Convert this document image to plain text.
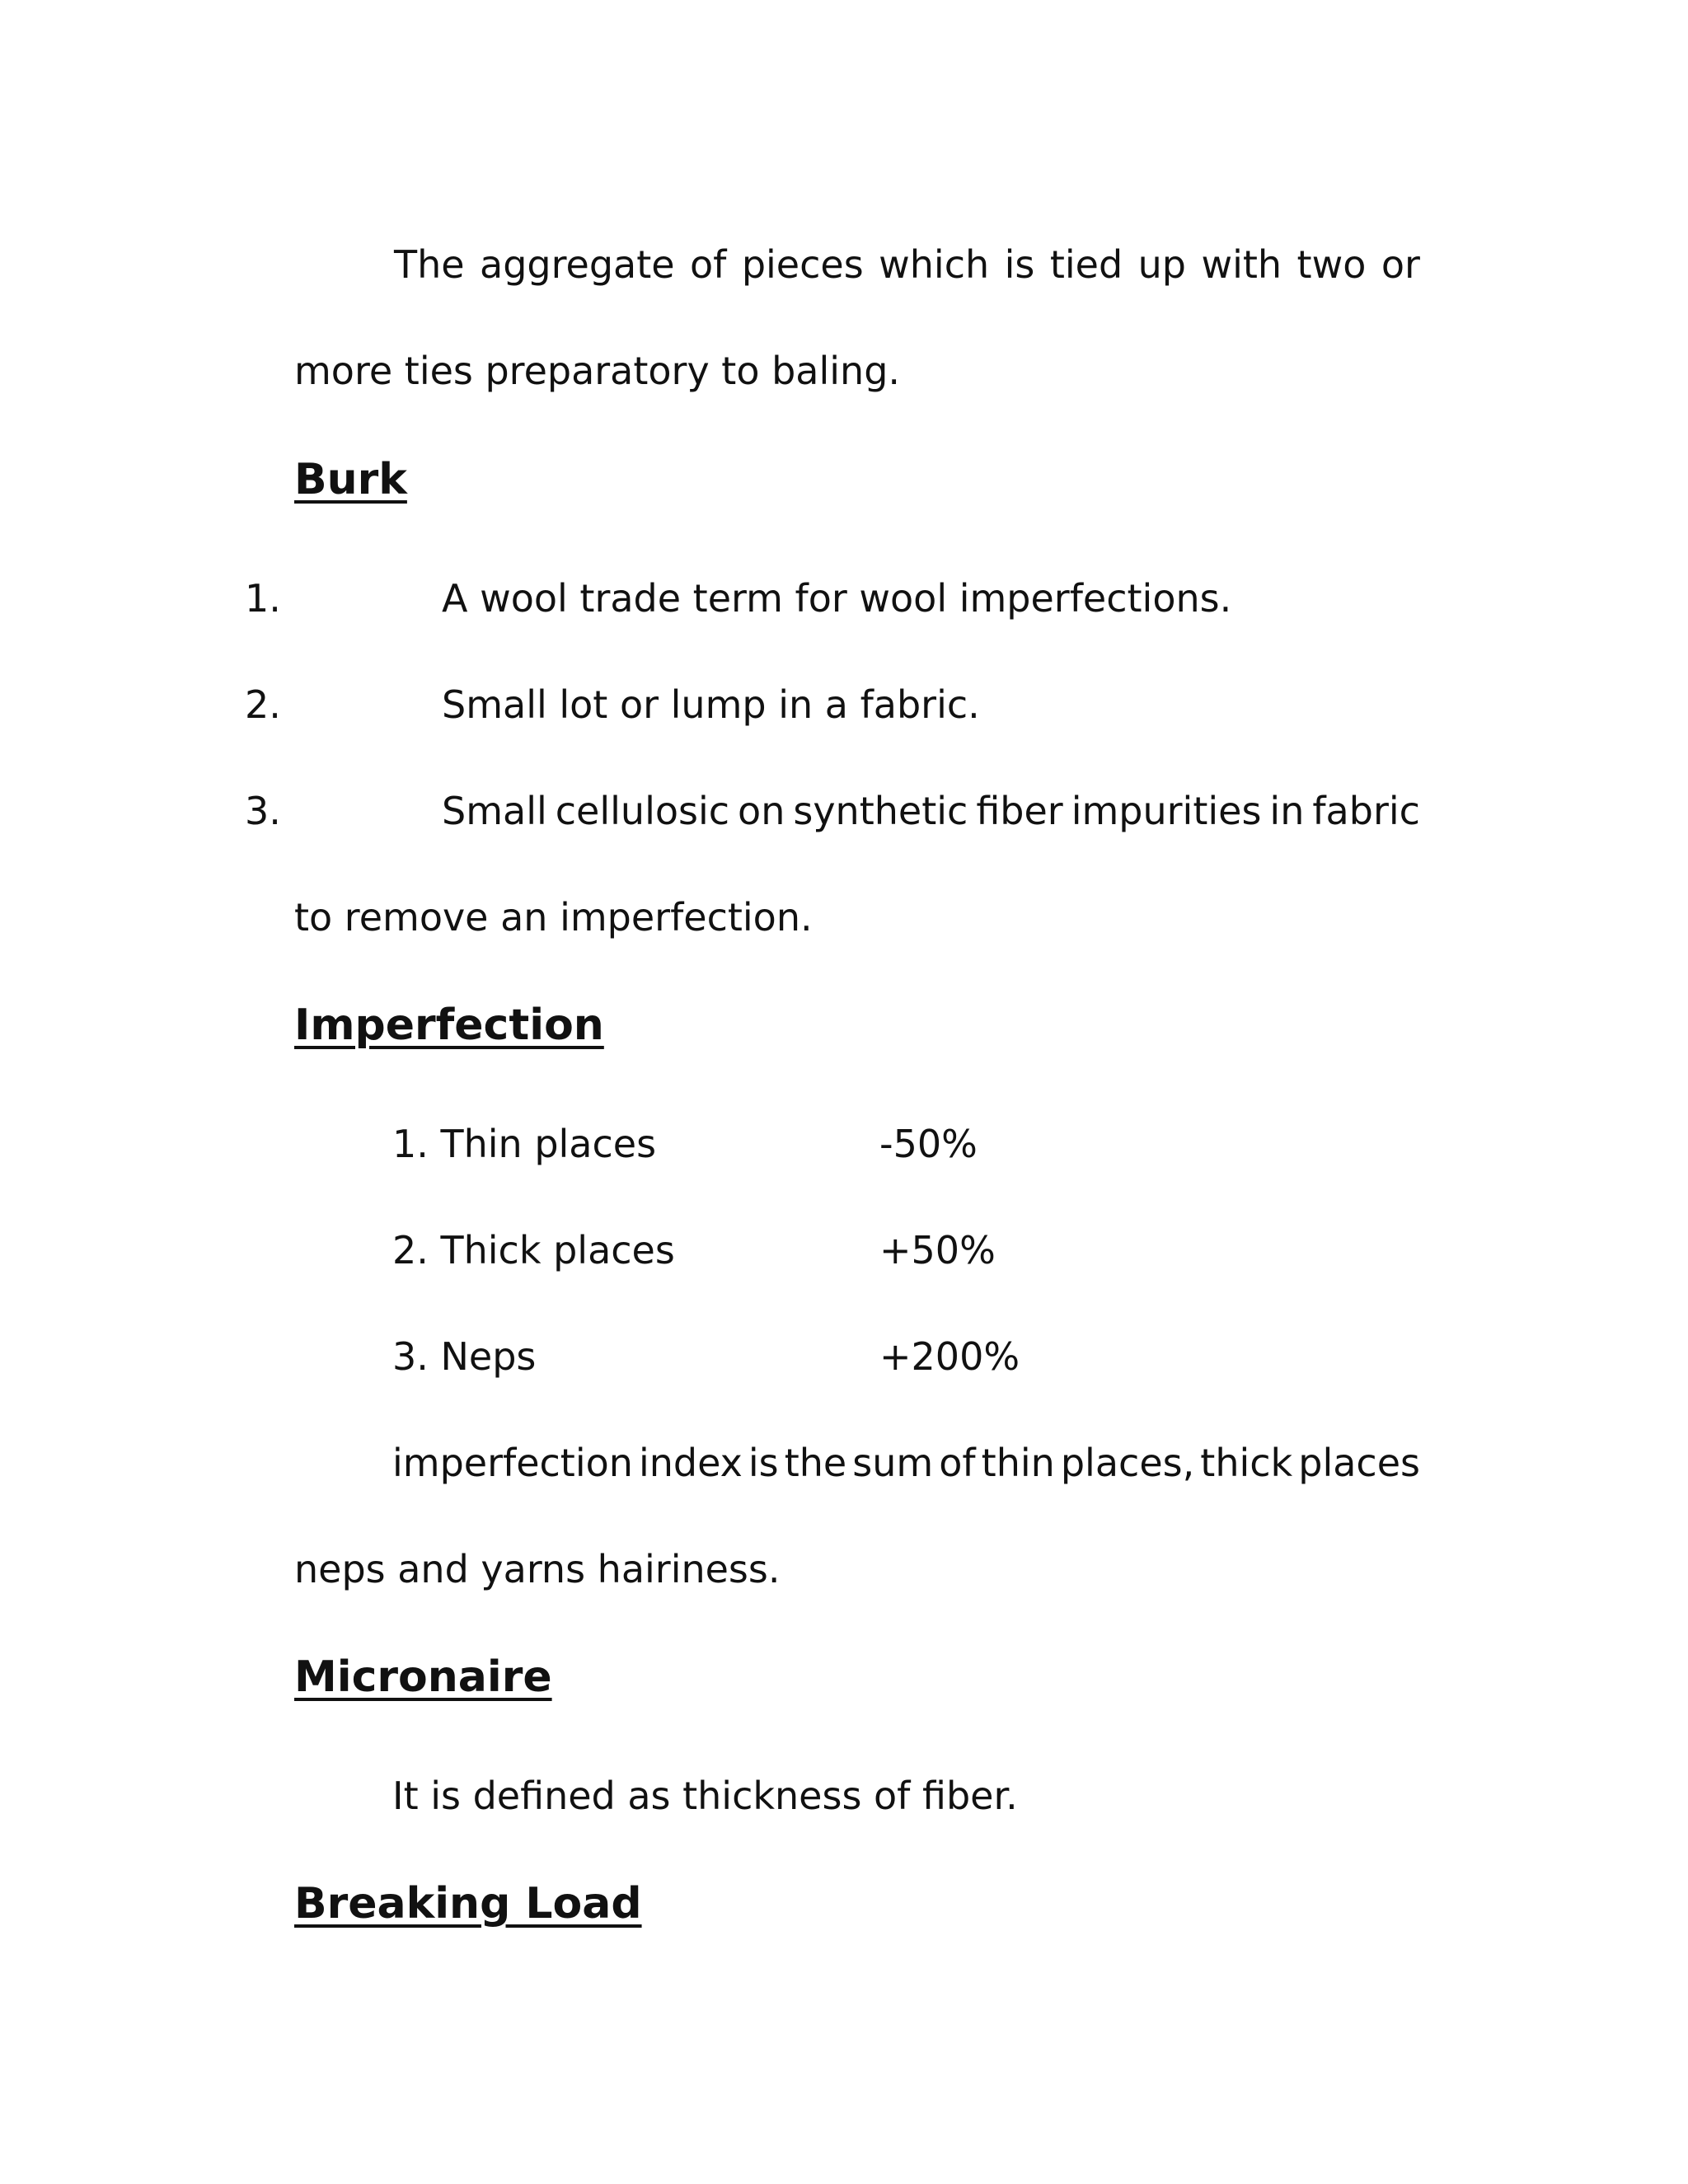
The aggregate of pieces which is tied up with two or
more ties preparatory to baling.
Burk
1.	A wool trade term for wool imperfections.
2.	Small lot or lump in a fabric.
3.	Small cellulosic on synthetic fiber impurities in fabric
to remove an imperfection.
Imperfection
1. Thin places	-50%
2. Thick places	+50%
3. Neps	+200%
imperfection index is the sum of thin places, thick places
neps and yarns hairiness.
Micronaire
It is defined as thickness of fiber.
Breaking Load
